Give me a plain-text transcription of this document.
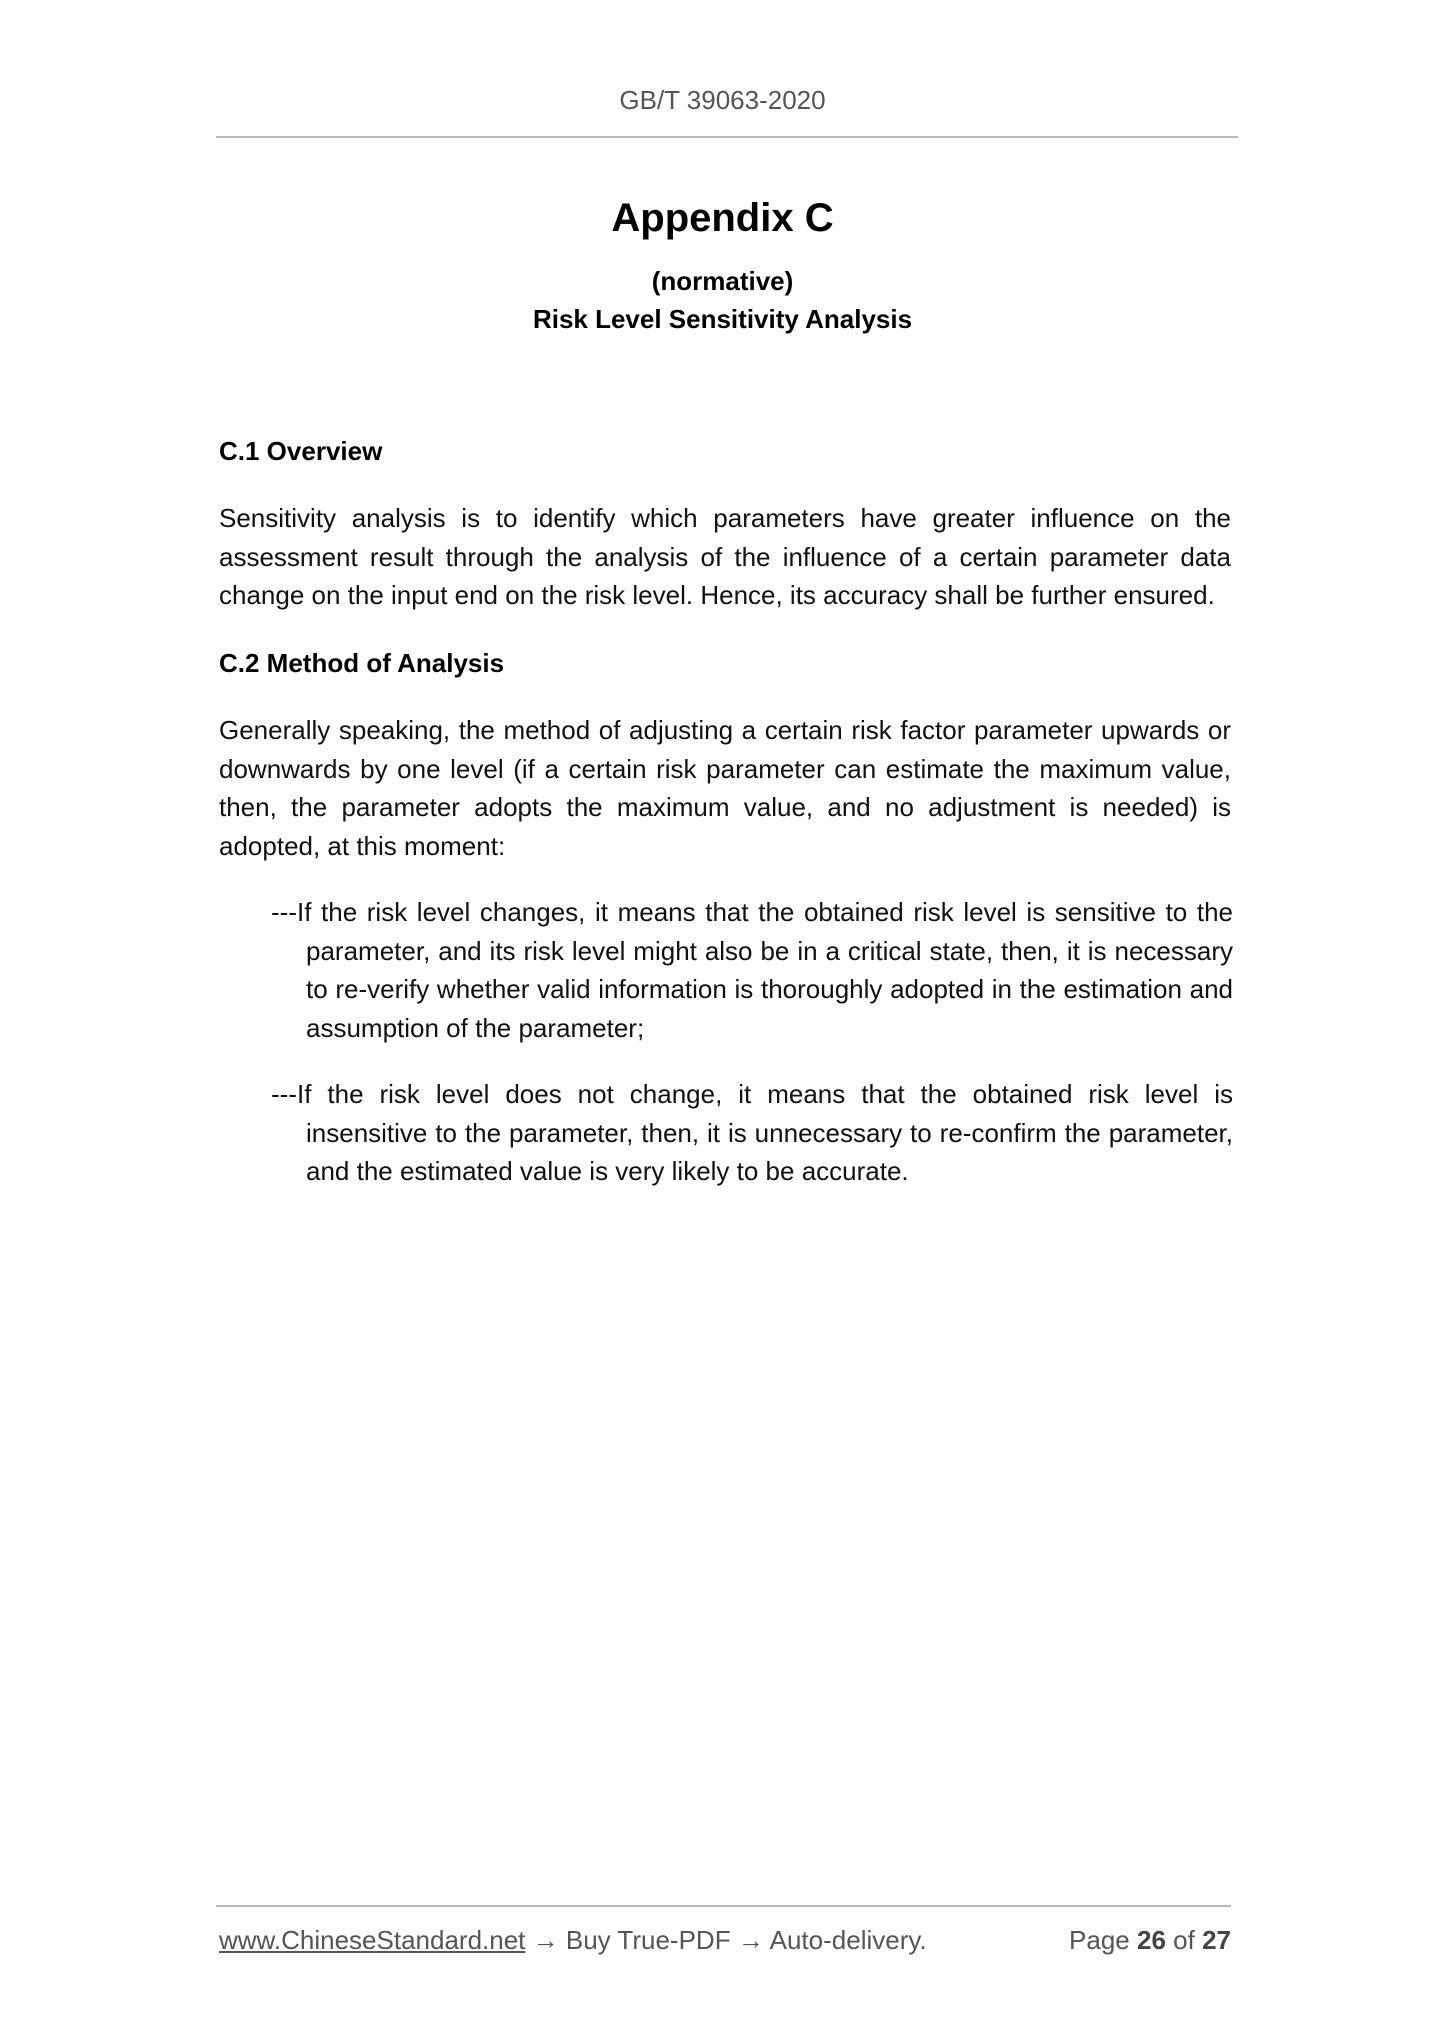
GB/T 39063-2020
Appendix C
(normative)
Risk Level Sensitivity Analysis
C.1 Overview
Sensitivity analysis is to identify which parameters have greater influence on the assessment result through the analysis of the influence of a certain parameter data change on the input end on the risk level. Hence, its accuracy shall be further ensured.
C.2 Method of Analysis
Generally speaking, the method of adjusting a certain risk factor parameter upwards or downwards by one level (if a certain risk parameter can estimate the maximum value, then, the parameter adopts the maximum value, and no adjustment is needed) is adopted, at this moment:
---If the risk level changes, it means that the obtained risk level is sensitive to the parameter, and its risk level might also be in a critical state, then, it is necessary to re-verify whether valid information is thoroughly adopted in the estimation and assumption of the parameter;
---If the risk level does not change, it means that the obtained risk level is insensitive to the parameter, then, it is unnecessary to re-confirm the parameter, and the estimated value is very likely to be accurate.
www.ChineseStandard.net → Buy True-PDF → Auto-delivery.	Page 26 of 27
